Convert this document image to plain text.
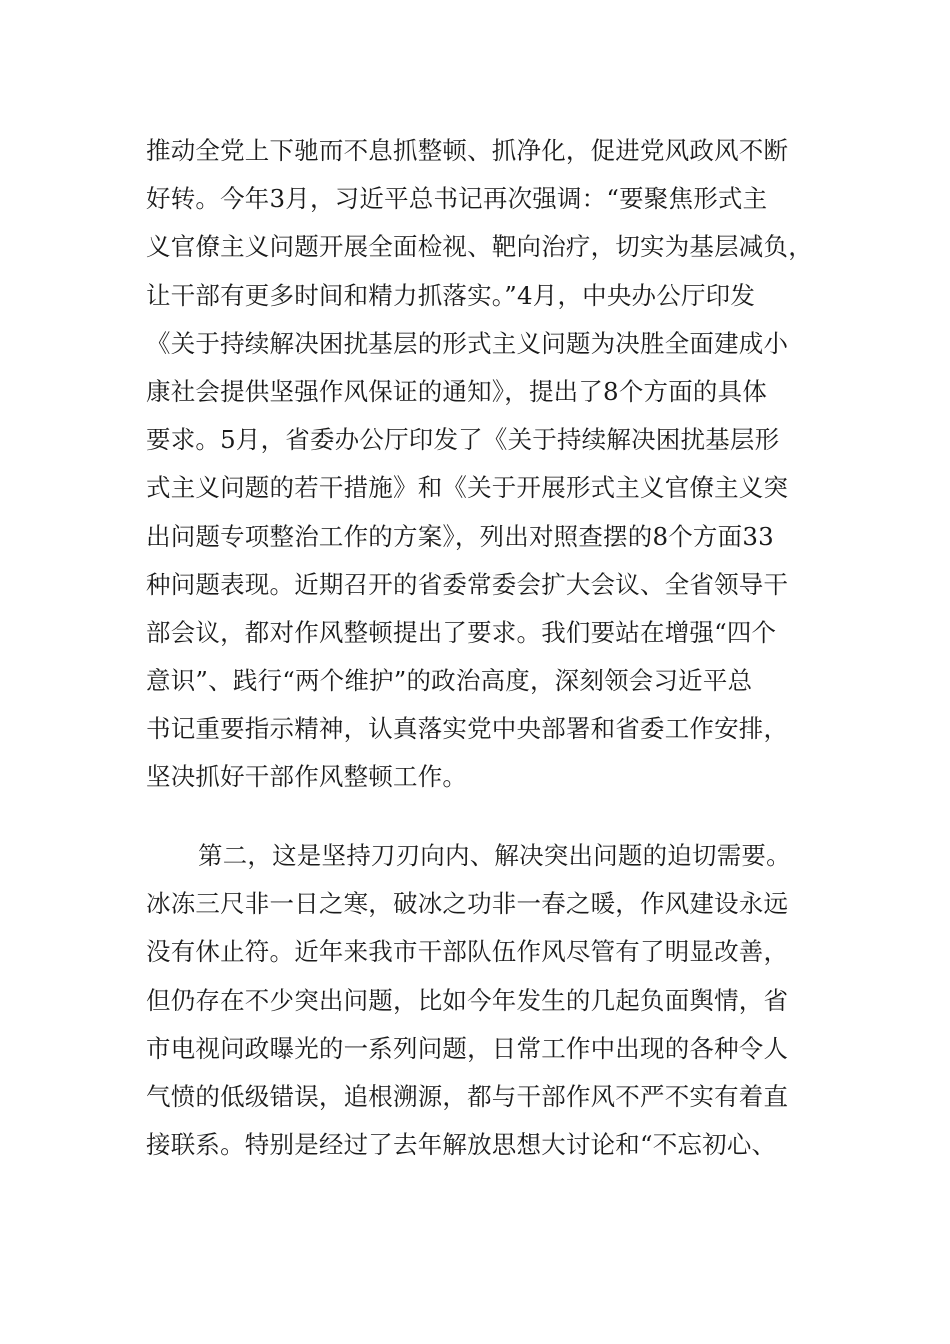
推动全党上下驰而不息抓整顿、抓净化，促进党风政风不断
好转。今年3月，习近平总书记再次强调：“要聚焦形式主
义官僚主义问题开展全面检视、靶向治疗，切实为基层减负，
让干部有更多时间和精力抓落实。”4月，中央办公厅印发
《关于持续解决困扰基层的形式主义问题为决胜全面建成小
康社会提供坚强作风保证的通知》，提出了8个方面的具体
要求。5月，省委办公厅印发了《关于持续解决困扰基层形
式主义问题的若干措施》和《关于开展形式主义官僚主义突
出问题专项整治工作的方案》，列出对照查摆的8个方面33
种问题表现。近期召开的省委常委会扩大会议、全省领导干
部会议，都对作风整顿提出了要求。我们要站在增强“四个
意识”、践行“两个维护”的政治高度，深刻领会习近平总
书记重要指示精神，认真落实党中央部署和省委工作安排，
坚决抓好干部作风整顿工作。
第二，这是坚持刀刃向内、解决突出问题的迫切需要。
冰冻三尺非一日之寒，破冰之功非一春之暖，作风建设永远
没有休止符。近年来我市干部队伍作风尽管有了明显改善，
但仍存在不少突出问题，比如今年发生的几起负面舆情，省
市电视问政曝光的一系列问题，日常工作中出现的各种令人
气愤的低级错误，追根溯源，都与干部作风不严不实有着直
接联系。特别是经过了去年解放思想大讨论和“不忘初心、
